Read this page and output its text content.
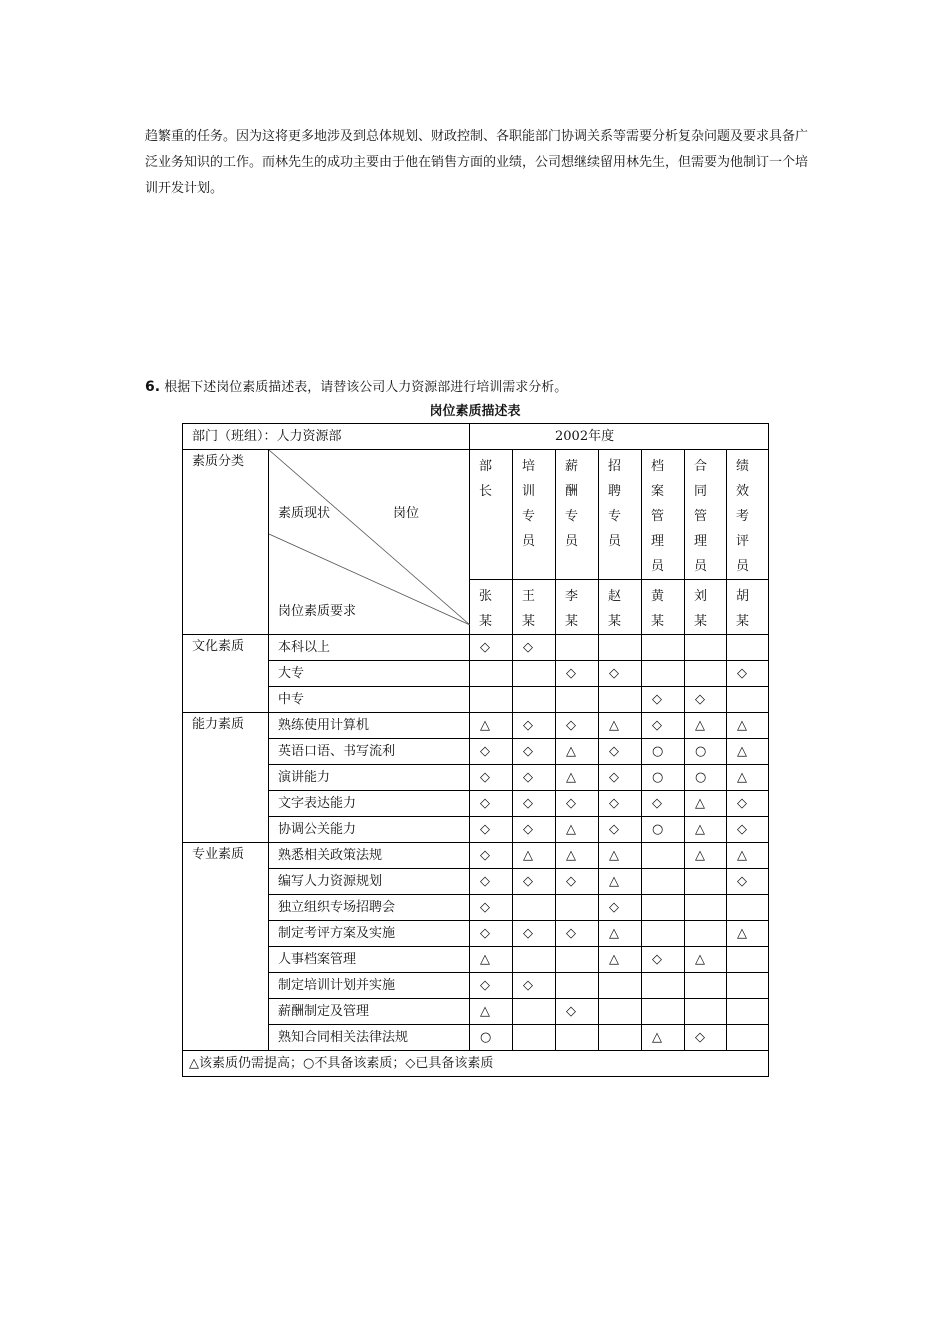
趋繁重的任务。因为这将更多地涉及到总体规划、财政控制、各职能部门协调关系等需要分析复杂问题及要求具备广泛业务知识的工作。而林先生的成功主要由于他在销售方面的业绩，公司想继续留用林先生，但需要为他制订一个培训开发计划。

6. 根据下述岗位素质描述表，请替该公司人力资源部进行培训需求分析。
岗位素质描述表
部门（班组）：人力资源部		2002年度						
素质分类	素质现状 岗位
岗位素质要求	部
长	培
训
专
员	薪
酬
专
员	招
聘
专
员	档
案
管
理
员	合
同
管
理
员	绩
效
考
评
员

		张
某	王
某	李
某	赵
某	黄
某	刘
某	胡
某

文化素质	本科以上	◇	◇					
	大专			◇	◇			◇
	中专					◇	◇	
能力素质	熟练使用计算机	△	◇	◇	△	◇	△	△
	英语口语、书写流利	◇	◇	△	◇	○	○	△
	演讲能力	◇	◇	△	◇	○	○	△
	文字表达能力	◇	◇	◇	◇	◇	△	◇
	协调公关能力	◇	◇	△	◇	○	△	◇
专业素质	熟悉相关政策法规	◇	△	△	△		△	△
	编写人力资源规划	◇	◇	◇	△			◇
	独立组织专场招聘会	◇			◇			
	制定考评方案及实施	◇	◇	◇	△			△
	人事档案管理	△			△	◇	△	
	制定培训计划并实施	◇	◇					
	薪酬制定及管理	△		◇				
	熟知合同相关法律法规	○				△	◇	
△该素质仍需提高；○不具备该素质；◇已具备该素质								
